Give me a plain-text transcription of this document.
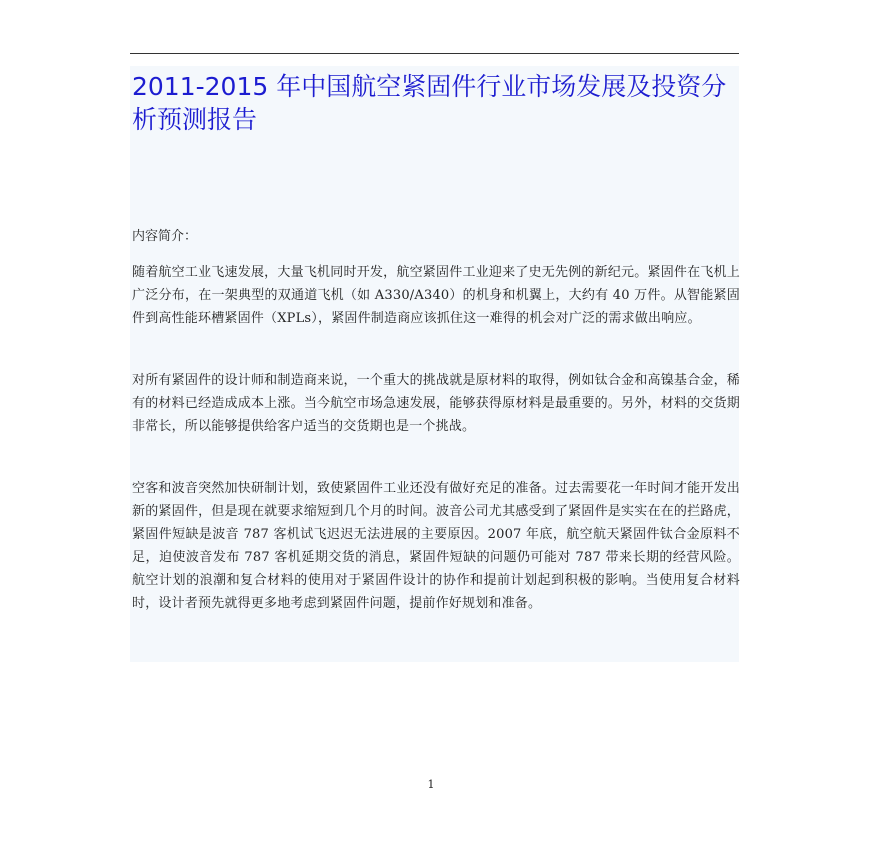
2011-2015 年中国航空紧固件行业市场发展及投资分析预测报告

内容简介：

随着航空工业飞速发展，大量飞机同时开发，航空紧固件工业迎来了史无先例的新纪元。紧固件在飞机上广泛分布，在一架典型的双通道飞机（如 A330/A340）的机身和机翼上，大约有 40 万件。从智能紧固件到高性能环槽紧固件（XPLs），紧固件制造商应该抓住这一难得的机会对广泛的需求做出响应。

对所有紧固件的设计师和制造商来说，一个重大的挑战就是原材料的取得，例如钛合金和高镍基合金，稀有的材料已经造成成本上涨。当今航空市场急速发展，能够获得原材料是最重要的。另外，材料的交货期非常长，所以能够提供给客户适当的交货期也是一个挑战。

空客和波音突然加快研制计划，致使紧固件工业还没有做好充足的准备。过去需要花一年时间才能开发出新的紧固件，但是现在就要求缩短到几个月的时间。波音公司尤其感受到了紧固件是实实在在的拦路虎，紧固件短缺是波音 787 客机试飞迟迟无法进展的主要原因。2007 年底，航空航天紧固件钛合金原料不足，迫使波音发布 787 客机延期交货的消息，紧固件短缺的问题仍可能对 787 带来长期的经营风险。航空计划的浪潮和复合材料的使用对于紧固件设计的协作和提前计划起到积极的影响。当使用复合材料时，设计者预先就得更多地考虑到紧固件问题，提前作好规划和准备。

1
